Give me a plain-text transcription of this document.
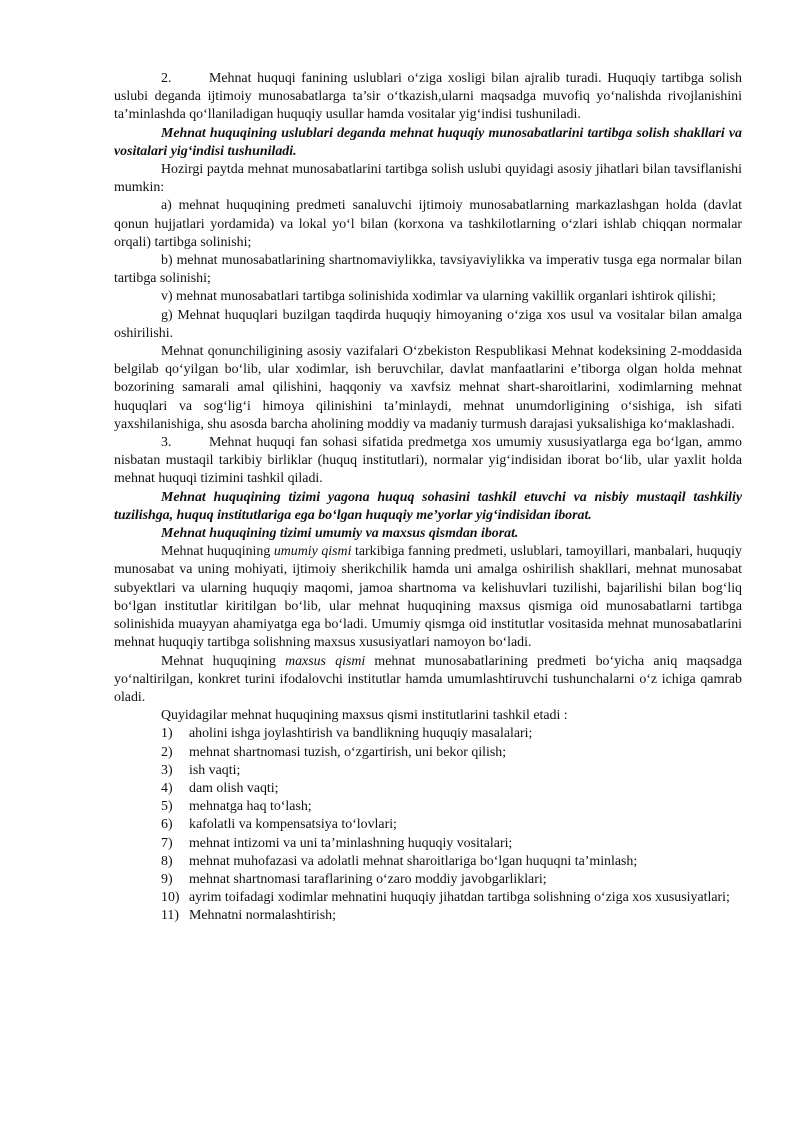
2.	Mehnat huquqi fanining uslublari o‘ziga xosligi bilan ajralib turadi. Huquqiy tartibga solish uslubi deganda ijtimoiy munosabatlarga ta’sir o‘tkazish,ularni maqsadga muvofiq yo‘nalishda rivojlanishini ta’minlashda qo‘llaniladigan huquqiy usullar hamda vositalar yig‘indisi tushuniladi.

Mehnat huquqining uslublari deganda mehnat huquqiy munosabatlarini tartibga solish shakllari va vositalari yig‘indisi tushuniladi.

Hozirgi paytda mehnat munosabatlarini tartibga solish uslubi quyidagi asosiy jihatlari bilan tavsiflanishi mumkin:

a) mehnat huquqining predmeti sanaluvchi ijtimoiy munosabatlarning markazlashgan holda (davlat qonun hujjatlari yordamida) va lokal yo‘l bilan (korxona va tashkilotlarning o‘zlari ishlab chiqqan normalar orqali) tartibga solinishi;

b) mehnat munosabatlarining shartnomaviylikka, tavsiyaviylikka va imperativ tusga ega normalar bilan tartibga solinishi;

v) mehnat munosabatlari tartibga solinishida xodimlar va ularning vakillik organlari ishtirok qilishi;

g) Mehnat huquqlari buzilgan taqdirda huquqiy himoyaning o‘ziga xos usul va vositalar bilan amalga oshirilishi.

Mehnat qonunchiligining asosiy vazifalari O‘zbekiston Respublikasi Mehnat kodeksining 2-moddasida belgilab qo‘yilgan bo‘lib, ular xodimlar, ish beruvchilar, davlat manfaatlarini e’tiborga olgan holda mehnat bozorining samarali amal qilishini, haqqoniy va xavfsiz mehnat shart-sharoitlarini, xodimlarning mehnat huquqlari va sog‘lig‘i himoya qilinishini ta’minlaydi, mehnat unumdorligining o‘sishiga, ish sifati yaxshilanishiga, shu asosda barcha aholining moddiy va madaniy turmush darajasi yuksalishiga ko‘maklashadi.

3.	Mehnat huquqi fan sohasi sifatida predmetga xos umumiy xususiyatlarga ega bo‘lgan, ammo nisbatan mustaqil tarkibiy birliklar (huquq institutlari), normalar yig‘indisidan iborat bo‘lib, ular yaxlit holda mehnat huquqi tizimini tashkil qiladi.

Mehnat huquqining tizimi yagona huquq sohasini tashkil etuvchi va nisbiy mustaqil tashkiliy tuzilishga, huquq institutlariga ega bo‘lgan huquqiy me’yorlar yig‘indisidan iborat.

Mehnat huquqining tizimi umumiy va maxsus qismdan iborat.

Mehnat huquqining umumiy qismi tarkibiga fanning predmeti, uslublari, tamoyillari, manbalari, huquqiy munosabat va uning mohiyati, ijtimoiy sherikchilik hamda uni amalga oshirilish shakllari, mehnat munosabat subyektlari va ularning huquqiy maqomi, jamoa shartnoma va kelishuvlari tuzilishi, bajarilishi bilan bog‘liq bo‘lgan institutlar kiritilgan bo‘lib, ular mehnat huquqining maxsus qismiga oid munosabatlarni tartibga solinishida muayyan ahamiyatga ega bo‘ladi. Umumiy qismga oid institutlar vositasida mehnat munosabatlarini mehnat huquqiy tartibga solishning maxsus xususiyatlari namoyon bo‘ladi.

Mehnat huquqining maxsus qismi mehnat munosabatlarining predmeti bo‘yicha aniq maqsadga yo‘naltirilgan, konkret turini ifodalovchi institutlar hamda umumlashtiruvchi tushunchalarni o‘z ichiga qamrab oladi.

Quyidagilar mehnat huquqining maxsus qismi institutlarini tashkil etadi :

1)	aholini ishga joylashtirish va bandlikning huquqiy masalalari;
2)	mehnat shartnomasi tuzish, o‘zgartirish, uni bekor qilish;
3)	ish vaqti;
4)	dam olish vaqti;
5)	mehnatga haq to‘lash;
6)	kafolatli va kompensatsiya to‘lovlari;
7)	mehnat intizomi va uni ta’minlashning huquqiy vositalari;
8)	mehnat muhofazasi va adolatli mehnat sharoitlariga bo‘lgan huquqni ta’minlash;
9)	mehnat shartnomasi taraflarining o‘zaro moddiy javobgarliklari;
10) ayrim toifadagi xodimlar mehnatini huquqiy jihatdan tartibga solishning o‘ziga xos xususiyatlari;
11) Mehnatni normalashtirish;
